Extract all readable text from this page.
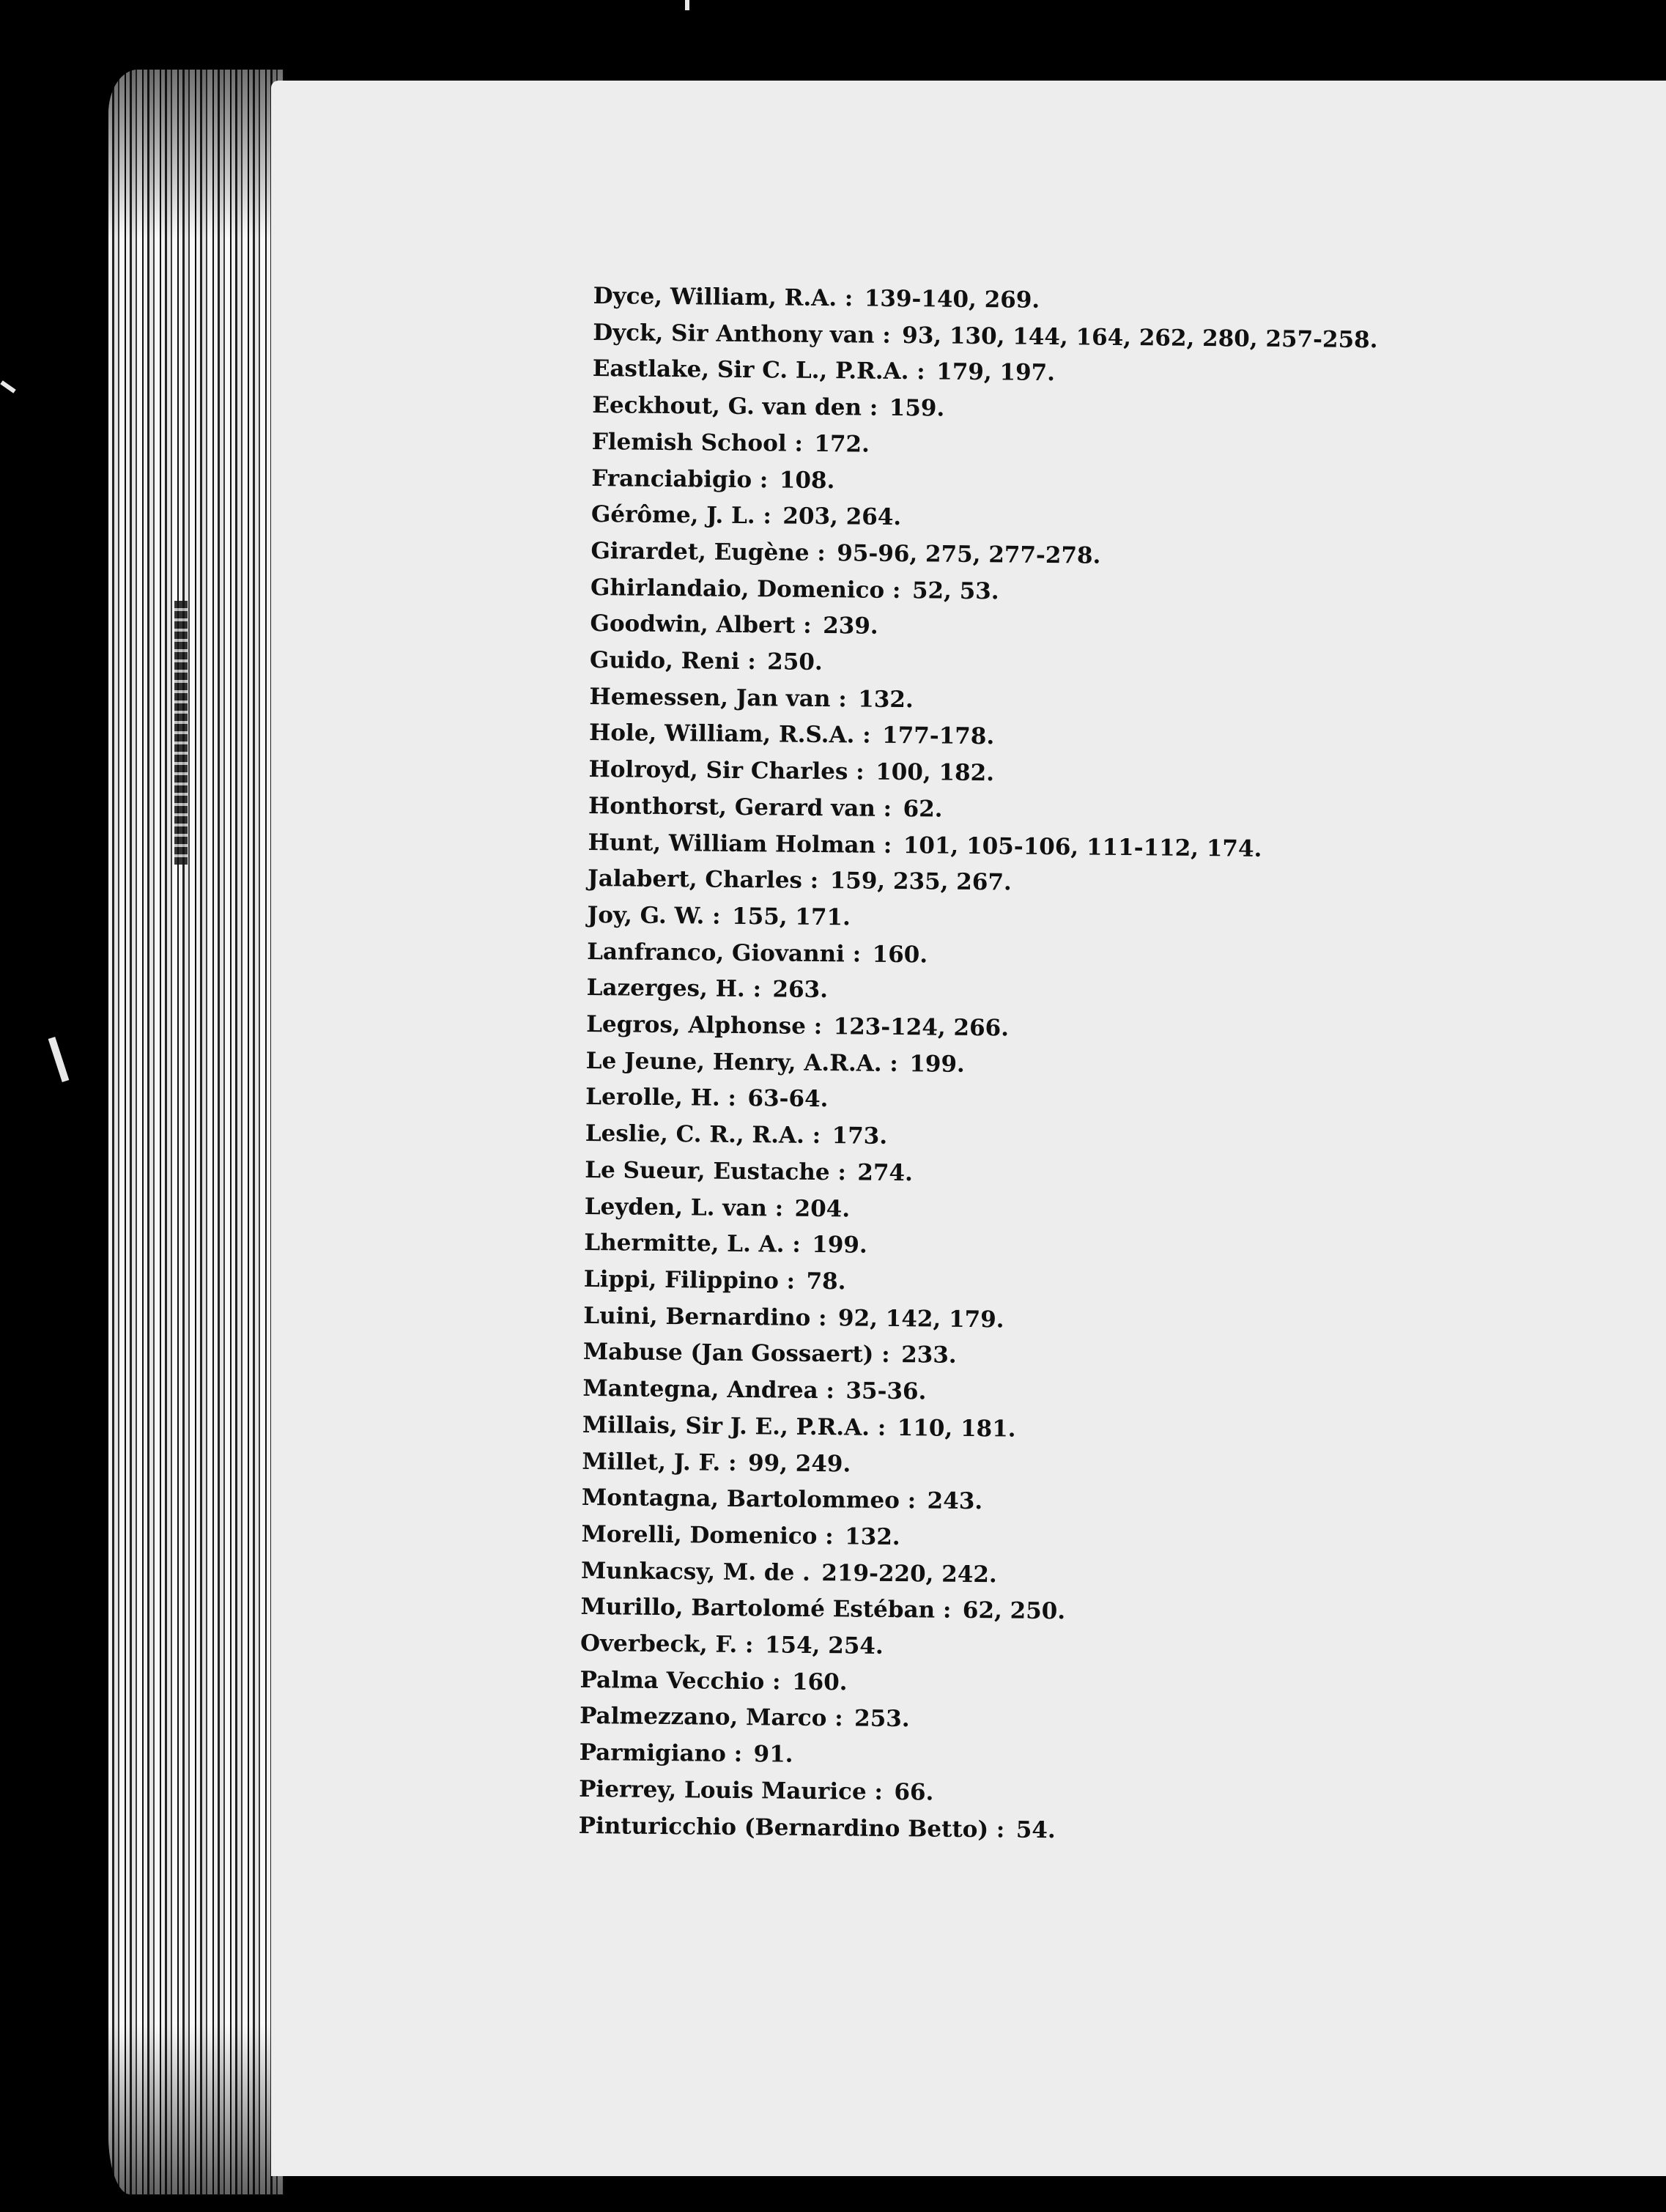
Dyce, William, R.A. :  139-140, 269.
Dyck, Sir Anthony van :  93, 130, 144, 164, 262, 280, 257-258.
Eastlake, Sir C. L., P.R.A. :  179, 197.
Eeckhout, G. van den :  159.
Flemish School :  172.
Franciabigio :  108.
Gérôme, J. L. :  203, 264.
Girardet, Eugène :  95-96, 275, 277-278.
Ghirlandaio, Domenico :  52, 53.
Goodwin, Albert :  239.
Guido, Reni :  250.
Hemessen, Jan van :  132.
Hole, William, R.S.A. :  177-178.
Holroyd, Sir Charles :  100, 182.
Honthorst, Gerard van :  62.
Hunt, William Holman :  101, 105-106, 111-112, 174.
Jalabert, Charles :  159, 235, 267.
Joy, G. W. :  155, 171.
Lanfranco, Giovanni :  160.
Lazerges, H. :  263.
Legros, Alphonse :  123-124, 266.
Le Jeune, Henry, A.R.A. :  199.
Lerolle, H. :  63-64.
Leslie, C. R., R.A. :  173.
Le Sueur, Eustache :  274.
Leyden, L. van :  204.
Lhermitte, L. A. :  199.
Lippi, Filippino :  78.
Luini, Bernardino :  92, 142, 179.
Mabuse (Jan Gossaert) :  233.
Mantegna, Andrea :  35-36.
Millais, Sir J. E., P.R.A. :  110, 181.
Millet, J. F. :  99, 249.
Montagna, Bartolommeo :  243.
Morelli, Domenico :  132.
Munkacsy, M. de .  219-220, 242.
Murillo, Bartolomé Estéban :  62, 250.
Overbeck, F. :  154, 254.
Palma Vecchio :  160.
Palmezzano, Marco :  253.
Parmigiano :  91.
Pierrey, Louis Maurice :  66.
Pinturicchio (Bernardino Betto) :  54.
